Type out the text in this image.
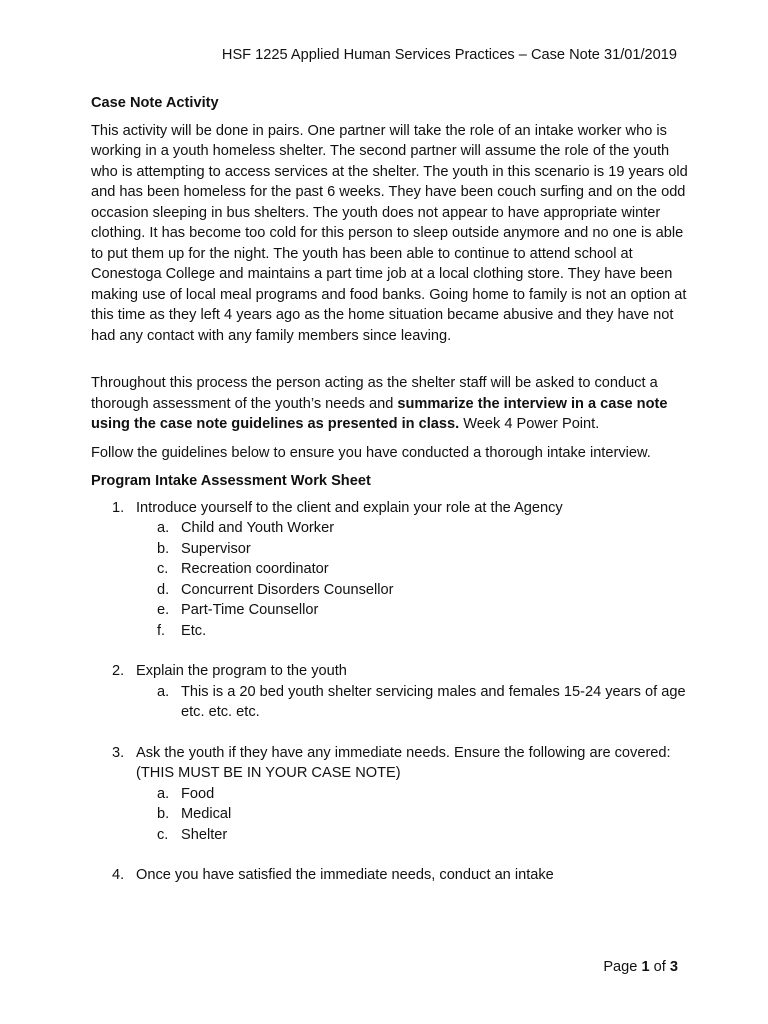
HSF 1225 Applied Human Services Practices – Case Note 31/01/2019

Case Note Activity

This activity will be done in pairs. One partner will take the role of an intake worker who is working in a youth homeless shelter. The second partner will assume the role of the youth who is attempting to access services at the shelter. The youth in this scenario is 19 years old and has been homeless for the past 6 weeks. They have been couch surfing and on the odd occasion sleeping in bus shelters. The youth does not appear to have appropriate winter clothing. It has become too cold for this person to sleep outside anymore and no one is able to put them up for the night. The youth has been able to continue to attend school at Conestoga College and maintains a part time job at a local clothing store. They have been making use of local meal programs and food banks. Going home to family is not an option at this time as they left 4 years ago as the home situation became abusive and they have not had any contact with any family members since leaving.

Throughout this process the person acting as the shelter staff will be asked to conduct a thorough assessment of the youth’s needs and summarize the interview in a case note using the case note guidelines as presented in class. Week 4 Power Point.

Follow the guidelines below to ensure you have conducted a thorough intake interview.

Program Intake Assessment Work Sheet

1. Introduce yourself to the client and explain your role at the Agency
a. Child and Youth Worker
b. Supervisor
c. Recreation coordinator
d. Concurrent Disorders Counsellor
e. Part-Time Counsellor
f. Etc.
2. Explain the program to the youth
a. This is a 20 bed youth shelter servicing males and females 15-24 years of age etc. etc. etc.
3. Ask the youth if they have any immediate needs. Ensure the following are covered: (THIS MUST BE IN YOUR CASE NOTE)
a. Food
b. Medical
c. Shelter
4. Once you have satisfied the immediate needs, conduct an intake
Page 1 of 3
